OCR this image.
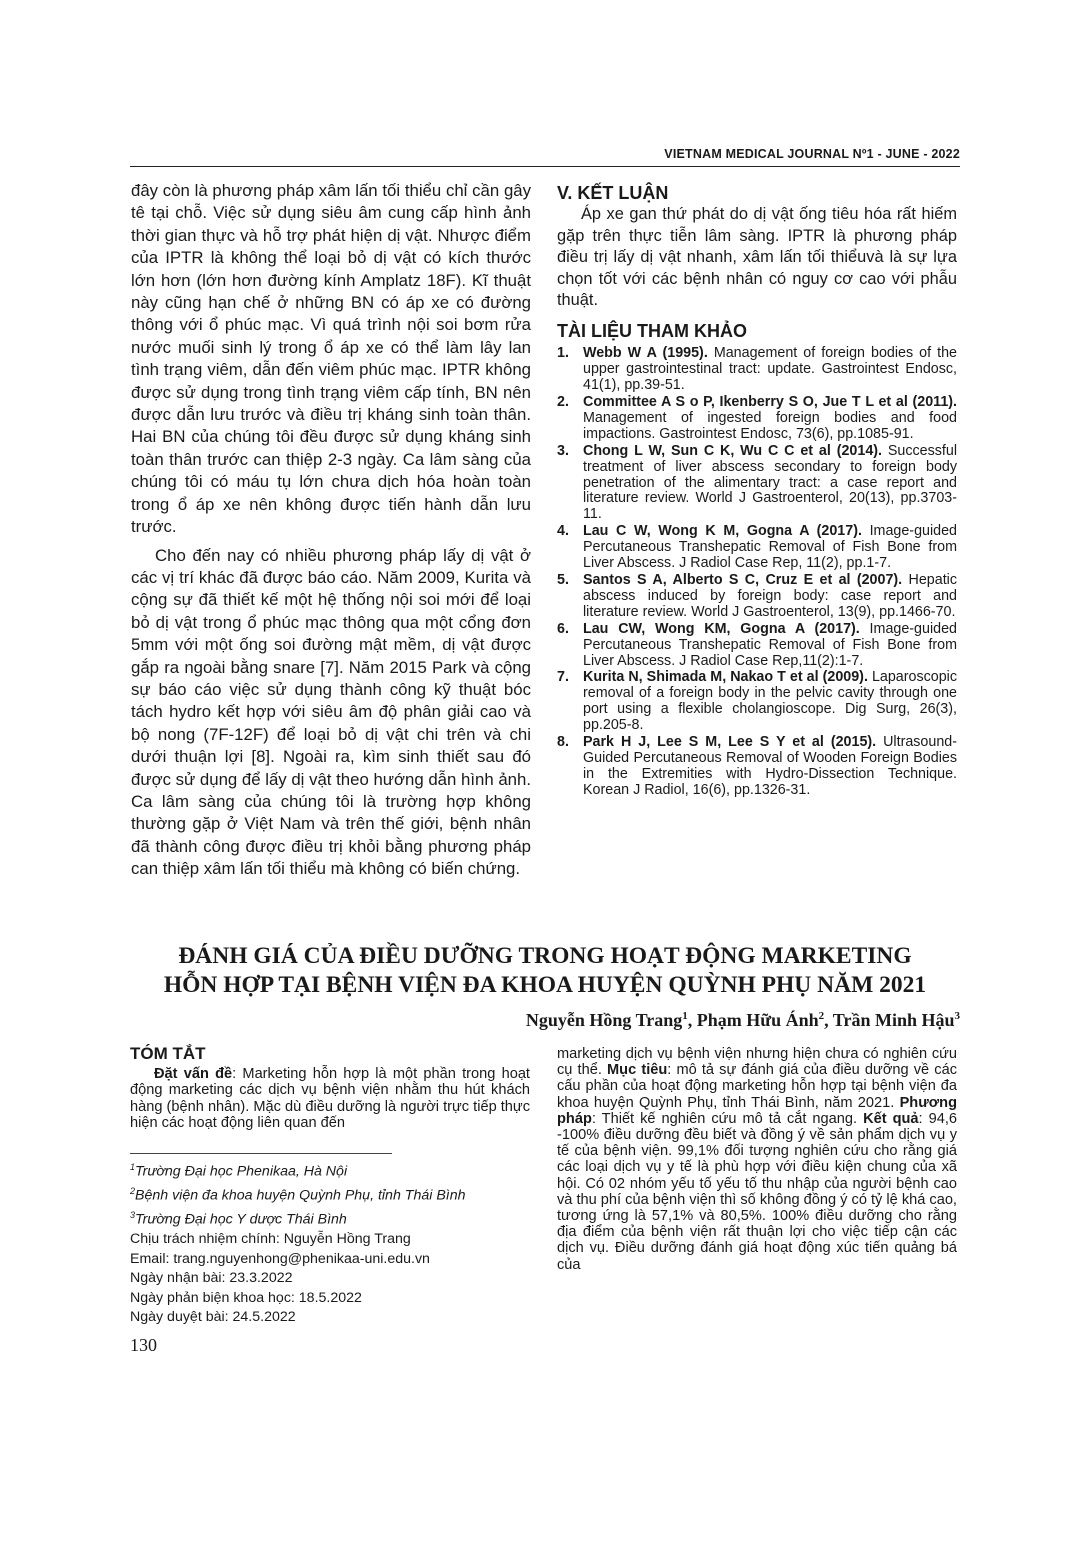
VIETNAM MEDICAL JOURNAL Nº1 - JUNE - 2022

đây còn là phương pháp xâm lấn tối thiểu chỉ cần gây tê tại chỗ. Việc sử dụng siêu âm cung cấp hình ảnh thời gian thực và hỗ trợ phát hiện dị vật. Nhược điểm của IPTR là không thể loại bỏ dị vật có kích thước lớn hơn (lớn hơn đường kính Amplatz 18F). Kĩ thuật này cũng hạn chế ở những BN có áp xe có đường thông với ổ phúc mạc. Vì quá trình nội soi bơm rửa nước muối sinh lý trong ổ áp xe có thể làm lây lan tình trạng viêm, dẫn đến viêm phúc mạc. IPTR không được sử dụng trong tình trạng viêm cấp tính, BN nên được dẫn lưu trước và điều trị kháng sinh toàn thân. Hai BN của chúng tôi đều được sử dụng kháng sinh toàn thân trước can thiệp 2-3 ngày. Ca lâm sàng của chúng tôi có máu tụ lớn chưa dịch hóa hoàn toàn trong ổ áp xe nên không được tiến hành dẫn lưu trước.

Cho đến nay có nhiều phương pháp lấy dị vật ở các vị trí khác đã được báo cáo. Năm 2009, Kurita và cộng sự đã thiết kế một hệ thống nội soi mới để loại bỏ dị vật trong ổ phúc mạc thông qua một cổng đơn 5mm với một ống soi đường mật mềm, dị vật được gắp ra ngoài bằng snare [7]. Năm 2015 Park và cộng sự báo cáo việc sử dụng thành công kỹ thuật bóc tách hydro kết hợp với siêu âm độ phân giải cao và bộ nong (7F-12F) để loại bỏ dị vật chi trên và chi dưới thuận lợi [8]. Ngoài ra, kìm sinh thiết sau đó được sử dụng để lấy dị vật theo hướng dẫn hình ảnh. Ca lâm sàng của chúng tôi là trường hợp không thường gặp ở Việt Nam và trên thế giới, bệnh nhân đã thành công được điều trị khỏi bằng phương pháp can thiệp xâm lấn tối thiểu mà không có biến chứng.

V. KẾT LUẬN

Áp xe gan thứ phát do dị vật ống tiêu hóa rất hiếm gặp trên thực tiễn lâm sàng. IPTR là phương pháp điều trị lấy dị vật nhanh, xâm lấn tối thiểuvà là sự lựa chọn tốt với các bệnh nhân có nguy cơ cao với phẫu thuật.

TÀI LIỆU THAM KHẢO
1. Webb W A (1995). Management of foreign bodies of the upper gastrointestinal tract: update. Gastrointest Endosc, 41(1), pp.39-51.
2. Committee A S o P, Ikenberry S O, Jue T L et al (2011). Management of ingested foreign bodies and food impactions. Gastrointest Endosc, 73(6), pp.1085-91.
3. Chong L W, Sun C K, Wu C C et al (2014). Successful treatment of liver abscess secondary to foreign body penetration of the alimentary tract: a case report and literature review. World J Gastroenterol, 20(13), pp.3703-11.
4. Lau C W, Wong K M, Gogna A (2017). Image-guided Percutaneous Transhepatic Removal of Fish Bone from Liver Abscess. J Radiol Case Rep, 11(2), pp.1-7.
5. Santos S A, Alberto S C, Cruz E et al (2007). Hepatic abscess induced by foreign body: case report and literature review. World J Gastroenterol, 13(9), pp.1466-70.
6. Lau CW, Wong KM, Gogna A (2017). Image-guided Percutaneous Transhepatic Removal of Fish Bone from Liver Abscess. J Radiol Case Rep,11(2):1-7.
7. Kurita N, Shimada M, Nakao T et al (2009). Laparoscopic removal of a foreign body in the pelvic cavity through one port using a flexible cholangioscope. Dig Surg, 26(3), pp.205-8.
8. Park H J, Lee S M, Lee S Y et al (2015). Ultrasound-Guided Percutaneous Removal of Wooden Foreign Bodies in the Extremities with Hydro-Dissection Technique. Korean J Radiol, 16(6), pp.1326-31.
ĐÁNH GIÁ CỦA ĐIỀU DƯỠNG TRONG HOẠT ĐỘNG MARKETING
HỖN HỢP TẠI BỆNH VIỆN ĐA KHOA HUYỆN QUỲNH PHỤ NĂM 2021
Nguyễn Hồng Trang$^1$, Phạm Hữu Ánh$^2$, Trần Minh Hậu$^3$
TÓM TẮT

Đặt vấn đề: Marketing hỗn hợp là một phần trong hoạt động marketing các dịch vụ bệnh viện nhằm thu hút khách hàng (bệnh nhân). Mặc dù điều dưỡng là người trực tiếp thực hiện các hoạt động liên quan đến

$^1$Trường Đại học Phenikaa, Hà Nội
$^2$Bệnh viện đa khoa huyện Quỳnh Phụ, tỉnh Thái Bình
$^3$Trường Đại học Y dược Thái Bình
Chịu trách nhiệm chính: Nguyễn Hồng Trang
Email: trang.nguyenhong@phenikaa-uni.edu.vn
Ngày nhận bài: 23.3.2022
Ngày phản biện khoa học: 18.5.2022
Ngày duyệt bài: 24.5.2022
marketing dịch vụ bệnh viện nhưng hiện chưa có nghiên cứu cụ thể. Mục tiêu: mô tả sự đánh giá của điều dưỡng về các cấu phần của hoạt động marketing hỗn hợp tại bệnh viện đa khoa huyện Quỳnh Phụ, tỉnh Thái Bình, năm 2021. Phương pháp: Thiết kế nghiên cứu mô tả cắt ngang. Kết quả: 94,6 -100% điều dưỡng đều biết và đồng ý về sản phẩm dịch vụ y tế của bệnh viện. 99,1% đối tượng nghiên cứu cho rằng giá các loại dịch vụ y tế là phù hợp với điều kiện chung của xã hội. Có 02 nhóm yếu tố yếu tố thu nhập của người bệnh cao và thu phí của bệnh viện thì số không đồng ý có tỷ lệ khá cao, tương ứng là 57,1% và 80,5%. 100% điều dưỡng cho rằng địa điểm của bệnh viện rất thuận lợi cho việc tiếp cận các dịch vụ. Điều dưỡng đánh giá hoạt động xúc tiến quảng bá của
130
